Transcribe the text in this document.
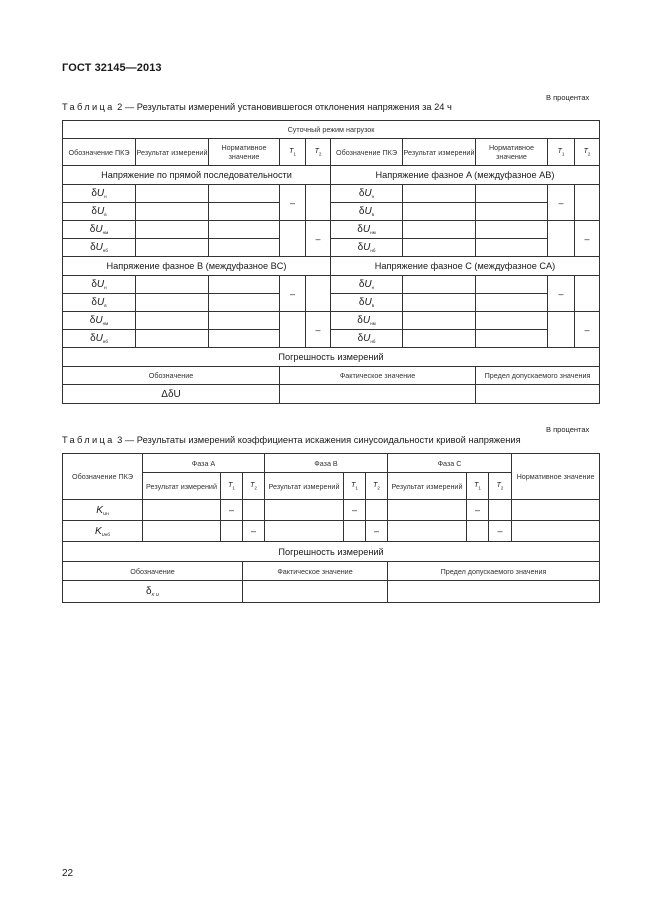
ГОСТ 32145—2013
В процентах
Таблица 2 — Результаты измерений установившегося отклонения напряжения за 24 ч
Суточный режим нагрузок									
Обозначение ПКЭ	Результат измерений	Нормативное значение	$T_1$	$T_2$	Обозначение ПКЭ	Результат измерений	Нормативное значение	$T_1$	$T_2$
Напряжение по прямой последовательности					Напряжение фазное A (междуфазное AB)				
$\delta U_н$			–		$\delta U_н$			–	
$\delta U_в$					$\delta U_в$		
$\delta U_{нм}$				–	$\delta U_{нм}$				–
$\delta U_{нб}$					$\delta U_{нб}$		
Напряжение фазное B (междуфазное BC)					Напряжение фазное C (междуфазное CA)				
$\delta U_н$			–		$\delta U_н$			–	
$\delta U_в$					$\delta U_в$		
$\delta U_{нм}$				–	$\delta U_{нм}$				–
$\delta U_{нб}$					$\delta U_{нб}$		
Погрешность измерений									
Обозначение			Фактическое значение				Предел допускаемого значения		
ΔδU									
В процентах
Таблица 3 — Результаты измерений коэффициента искажения синусоидальности кривой напряжения
Обозначение ПКЭ	Фаза A			Фаза B			Фаза C			Нормативное значение
	Результат измерений	$T_1$	$T_2$	Результат измерений	$T_1$	$T_2$	Результат измерений	$T_1$	$T_2$
$K_{Uн}$		–			–			–		
$K_{Uнб}$			–			–			–	
Погрешность измерений										
Обозначение			Фактическое значение				Предел допускаемого значения			
$\delta_{K U}$		
22
